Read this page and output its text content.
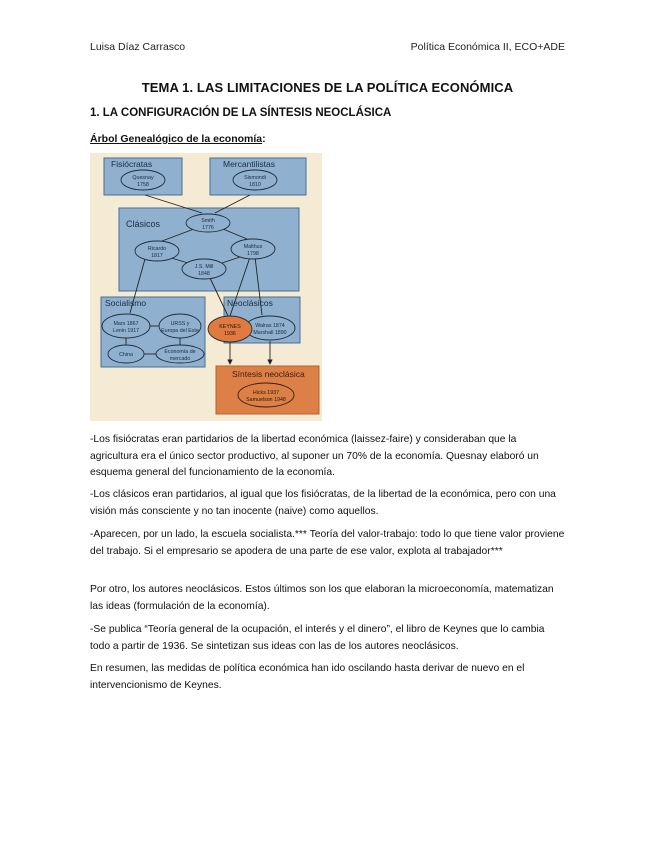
Luisa Díaz Carrasco	Política Económica II, ECO+ADE
TEMA 1. LAS LIMITACIONES DE LA POLÍTICA ECONÓMICA
1. LA CONFIGURACIÓN DE LA SÍNTESIS NEOCLÁSICA
Árbol Genealógico de la economía:
Fisiócratas	Mercantilistas
Clásicos
Socialismo	Neoclásicos
Síntesis neoclásica
Quesnay
1758
Sismondi
1810
Smith
1776
Ricardo
1817
Malthus
1798
J.S. Mill
1848
Marx 1867
Lenin 1917
URSS y
Europa del Este
China	Economía de
mercado
Walras 1874
Marshall 1890
KEYNES
1936
Hicks 1937
Samuelson 1948

-Los fisiócratas eran partidarios de la libertad económica (laissez-faire) y consideraban que la agricultura era el único sector productivo, al suponer un 70% de la economía. Quesnay elaboró un esquema general del funcionamiento de la economía.

-Los clásicos eran partidarios, al igual que los fisiócratas, de la libertad de la económica, pero con una visión más consciente y no tan inocente (naive) como aquellos.

-Aparecen, por un lado, la escuela socialista.*** Teoría del valor-trabajo: todo lo que tiene valor proviene del trabajo. Si el empresario se apodera de una parte de ese valor, explota al trabajador***

Por otro, los autores neoclásicos. Estos últimos son los que elaboran la microeconomía, matematizan las ideas (formulación de la economía).

-Se publica “Teoría general de la ocupación, el interés y el dinero”, el libro de Keynes que lo cambia todo a partir de 1936. Se sintetizan sus ideas con las de los autores neoclásicos.

En resumen, las medidas de política económica han ido oscilando hasta derivar de nuevo en el intervencionismo de Keynes.
